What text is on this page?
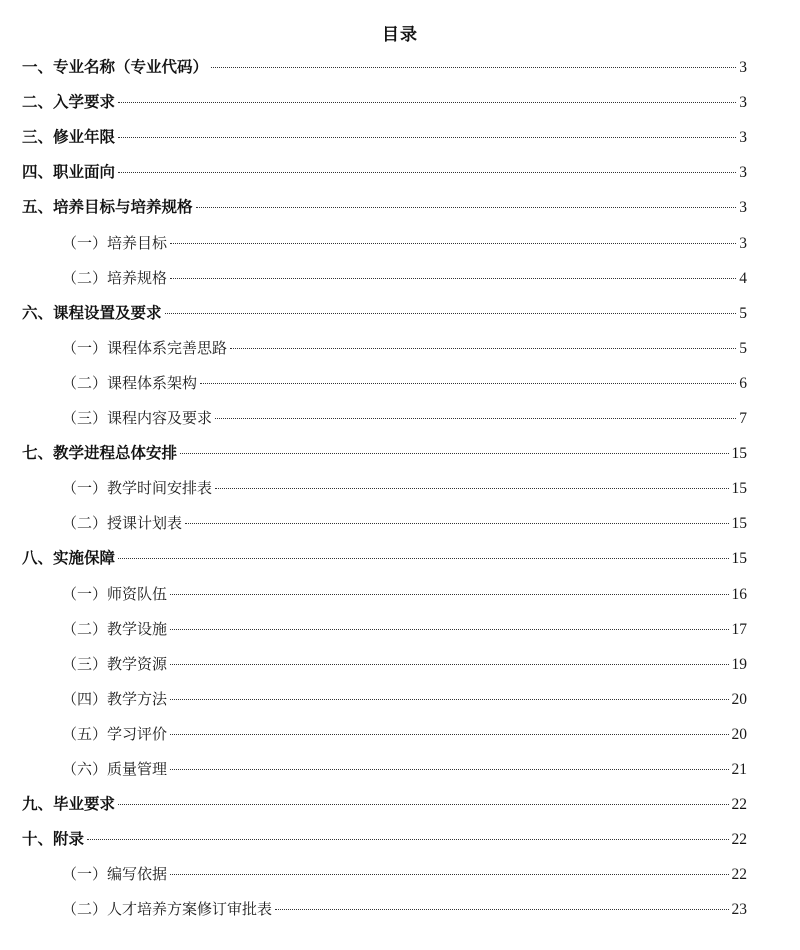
目录
一、专业名称（专业代码）	3
二、入学要求	3
三、修业年限	3
四、职业面向	3
五、培养目标与培养规格	3
（一）培养目标	3
（二）培养规格	4
六、课程设置及要求	5
（一）课程体系完善思路	5
（二）课程体系架构	6
（三）课程内容及要求	7
七、教学进程总体安排	15
（一）教学时间安排表	15
（二）授课计划表	15
八、实施保障	15
（一）师资队伍	16
（二）教学设施	17
（三）教学资源	19
（四）教学方法	20
（五）学习评价	20
（六）质量管理	21
九、毕业要求	22
十、附录	22
（一）编写依据	22
（二）人才培养方案修订审批表	23
